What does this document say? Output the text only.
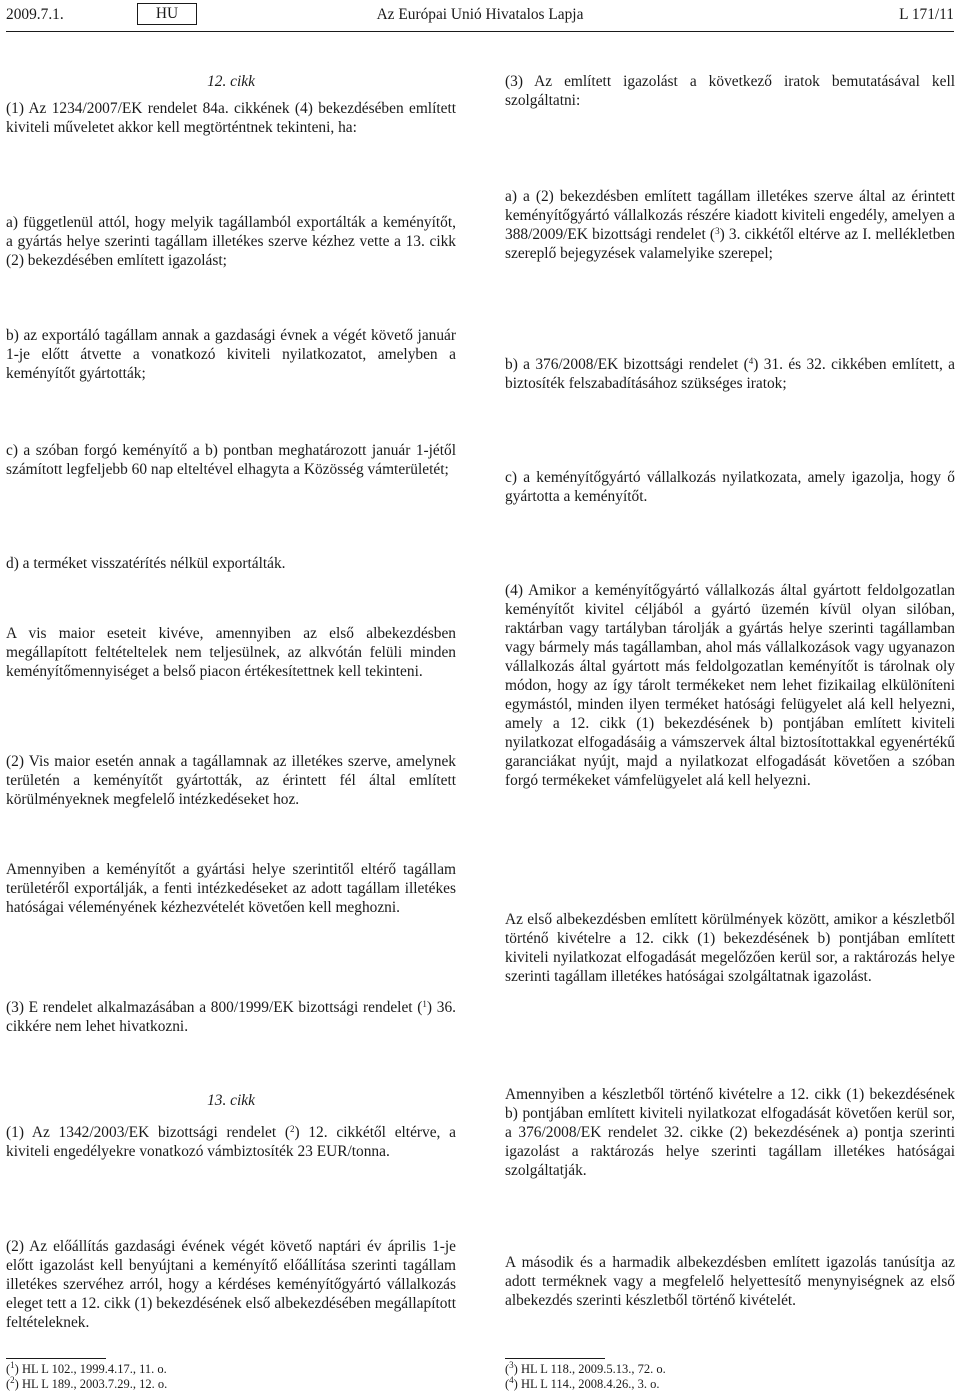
2009.7.1.	HU	Az Európai Unió Hivatalos Lapja	L 171/11

12. cikk

(1) Az 1234/2007/EK rendelet 84a. cikkének (4) bekezdésében említett kiviteli műveletet akkor kell megtörténtnek tekinteni, ha:

a) függetlenül attól, hogy melyik tagállamból exportálták a keményítőt, a gyártás helye szerinti tagállam illetékes szerve kézhez vette a 13. cikk (2) bekezdésében említett igazolást;

b) az exportáló tagállam annak a gazdasági évnek a végét követő január 1-je előtt átvette a vonatkozó kiviteli nyilatkozatot, amelyben a keményítőt gyártották;

c) a szóban forgó keményítő a b) pontban meghatározott január 1-jétől számított legfeljebb 60 nap elteltével elhagyta a Közösség vámterületét;

d) a terméket visszatérítés nélkül exportálták.

A vis maior eseteit kivéve, amennyiben az első albekezdésben megállapított feltételtelek nem teljesülnek, az alkvótán felüli minden keményítőmennyiséget a belső piacon értékesítettnek kell tekinteni.

(2) Vis maior esetén annak a tagállamnak az illetékes szerve, amelynek területén a keményítőt gyártották, az érintett fél által említett körülményeknek megfelelő intézkedéseket hoz.

Amennyiben a keményítőt a gyártási helye szerintitől eltérő tagállam területéről exportálják, a fenti intézkedéseket az adott tagállam illetékes hatóságai véleményének kézhezvételét követően kell meghozni.

(3) E rendelet alkalmazásában a 800/1999/EK bizottsági rendelet ($^1$) 36. cikkére nem lehet hivatkozni.

13. cikk

(1) Az 1342/2003/EK bizottsági rendelet ($^2$) 12. cikkétől eltérve, a kiviteli engedélyekre vonatkozó vámbiztosíték 23 EUR/tonna.

(2) Az előállítás gazdasági évének végét követő naptári év április 1-je előtt igazolást kell benyújtani a keményítő előállítása szerinti tagállam illetékes szervéhez arról, hogy a kérdéses keményítőgyártó vállalkozás eleget tett a 12. cikk (1) bekezdésének első albekezdésében megállapított feltételeknek.

(3) Az említett igazolást a következő iratok bemutatásával kell szolgáltatni:

a) a (2) bekezdésben említett tagállam illetékes szerve által az érintett keményítőgyártó vállalkozás részére kiadott kiviteli engedély, amelyen a 388/2009/EK bizottsági rendelet ($^3$) 3. cikkétől eltérve az I. mellékletben szereplő bejegyzések valamelyike szerepel;

b) a 376/2008/EK bizottsági rendelet ($^4$) 31. és 32. cikkében említett, a biztosíték felszabadításához szükséges iratok;

c) a keményítőgyártó vállalkozás nyilatkozata, amely igazolja, hogy ő gyártotta a keményítőt.

(4) Amikor a keményítőgyártó vállalkozás által gyártott feldolgozatlan keményítőt kivitel céljából a gyártó üzemén kívül olyan silóban, raktárban vagy tartályban tárolják a gyártás helye szerinti tagállamban vagy bármely más tagállamban, ahol más vállalkozások vagy ugyanazon vállalkozás által gyártott más feldolgozatlan keményítőt is tárolnak oly módon, hogy az így tárolt termékeket nem lehet fizikailag elkülöníteni egymástól, minden ilyen terméket hatósági felügyelet alá kell helyezni, amely a 12. cikk (1) bekezdésének b) pontjában említett kiviteli nyilatkozat elfogadásáig a vámszervek által biztosítottakkal egyenértékű garanciákat nyújt, majd a nyilatkozat elfogadását követően a szóban forgó termékeket vámfelügyelet alá kell helyezni.

Az első albekezdésben említett körülmények között, amikor a készletből történő kivételre a 12. cikk (1) bekezdésének b) pontjában említett kiviteli nyilatkozat elfogadását megelőzően kerül sor, a raktározás helye szerinti tagállam illetékes hatóságai szolgáltatnak igazolást.

Amennyiben a készletből történő kivételre a 12. cikk (1) bekezdésének b) pontjában említett kiviteli nyilatkozat elfogadását követően kerül sor, a 376/2008/EK rendelet 32. cikke (2) bekezdésének a) pontja szerinti igazolást a raktározás helye szerinti tagállam illetékes hatóságai szolgáltatják.

A második és a harmadik albekezdésben említett igazolás tanúsítja az adott terméknek vagy a megfelelő helyettesítő menynyiségnek az első albekezdés szerinti készletből történő kivételét.

($^1$) HL L 102., 1999.4.17., 11. o.

($^2$) HL L 189., 2003.7.29., 12. o.

($^3$) HL L 118., 2009.5.13., 72. o.

($^4$) HL L 114., 2008.4.26., 3. o.
